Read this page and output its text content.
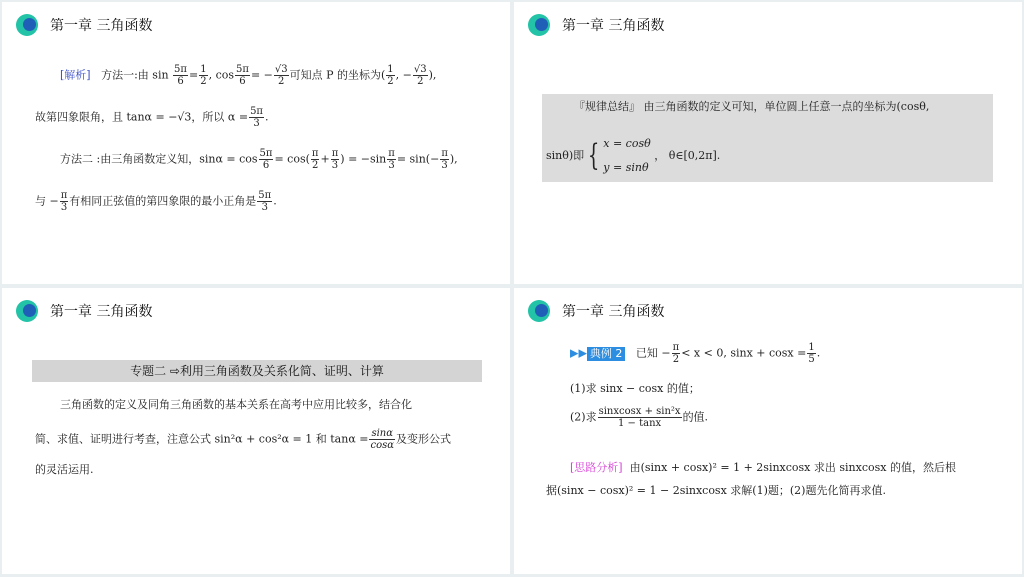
第一章 三角函数
[解析] 方法一:由 $\sin \frac{5\pi}{6} = \frac{1}{2}$ , $\cos \frac{5\pi}{6}$ = − $\frac{√3}{2}$ 可知点 P 的坐标为( $\frac{1}{2}$ , − $\frac{√3}{2}$ ),
故第四象限角，且 tanα = −√3，所以 $\alpha = \frac{5\pi}{3}$ .
方法二 :由三角函数定义知，$\sin\alpha = \cos \frac{5\pi}{6} = \cos( \frac{\pi}{2} + \frac{\pi}{3}$ ) = $-\sin \frac{\pi}{3} = \sin(- \frac{\pi}{3}$ ),
与 − $\frac{\pi}{3}$ 有相同正弦值的第四象限的最小正角是 $\frac{5\pi}{3}$ .
第一章 三角函数
『规律总结』 由三角函数的定义可知，单位圆上任意一点的坐标为(cosθ,
sinθ)即 { x = cosθ
y = sinθ ， θ∈[0,2π].
第一章 三角函数
专题二 ⇨利用三角函数及关系化简、证明、计算
三角函数的定义及同角三角函数的基本关系在高考中应用比较多，结合化
简、求值、证明进行考查，注意公式 sin²α + cos²α = 1 和 $\tan\alpha = \frac{\sin\alpha}{\cos\alpha}$ 及变形公式
的灵活运用.
第一章 三角函数
▶▶ 典例 2 已知 − $\frac{\pi}{2} < x < 0$, $\sin x + \cos x = \frac{1}{5}$ .
(1)求 sinx − cosx 的值；
(2)求 $\frac{\text{sinxcosx + sin²x}}{1 - \tan x}$ 的值.
[思路分析] 由(sinx + cosx)² = 1 + 2sinxcosx 求出 sinxcosx 的值，然后根
据(sinx − cosx)² = 1 − 2sinxcosx 求解(1)题；(2)题先化简再求值.
